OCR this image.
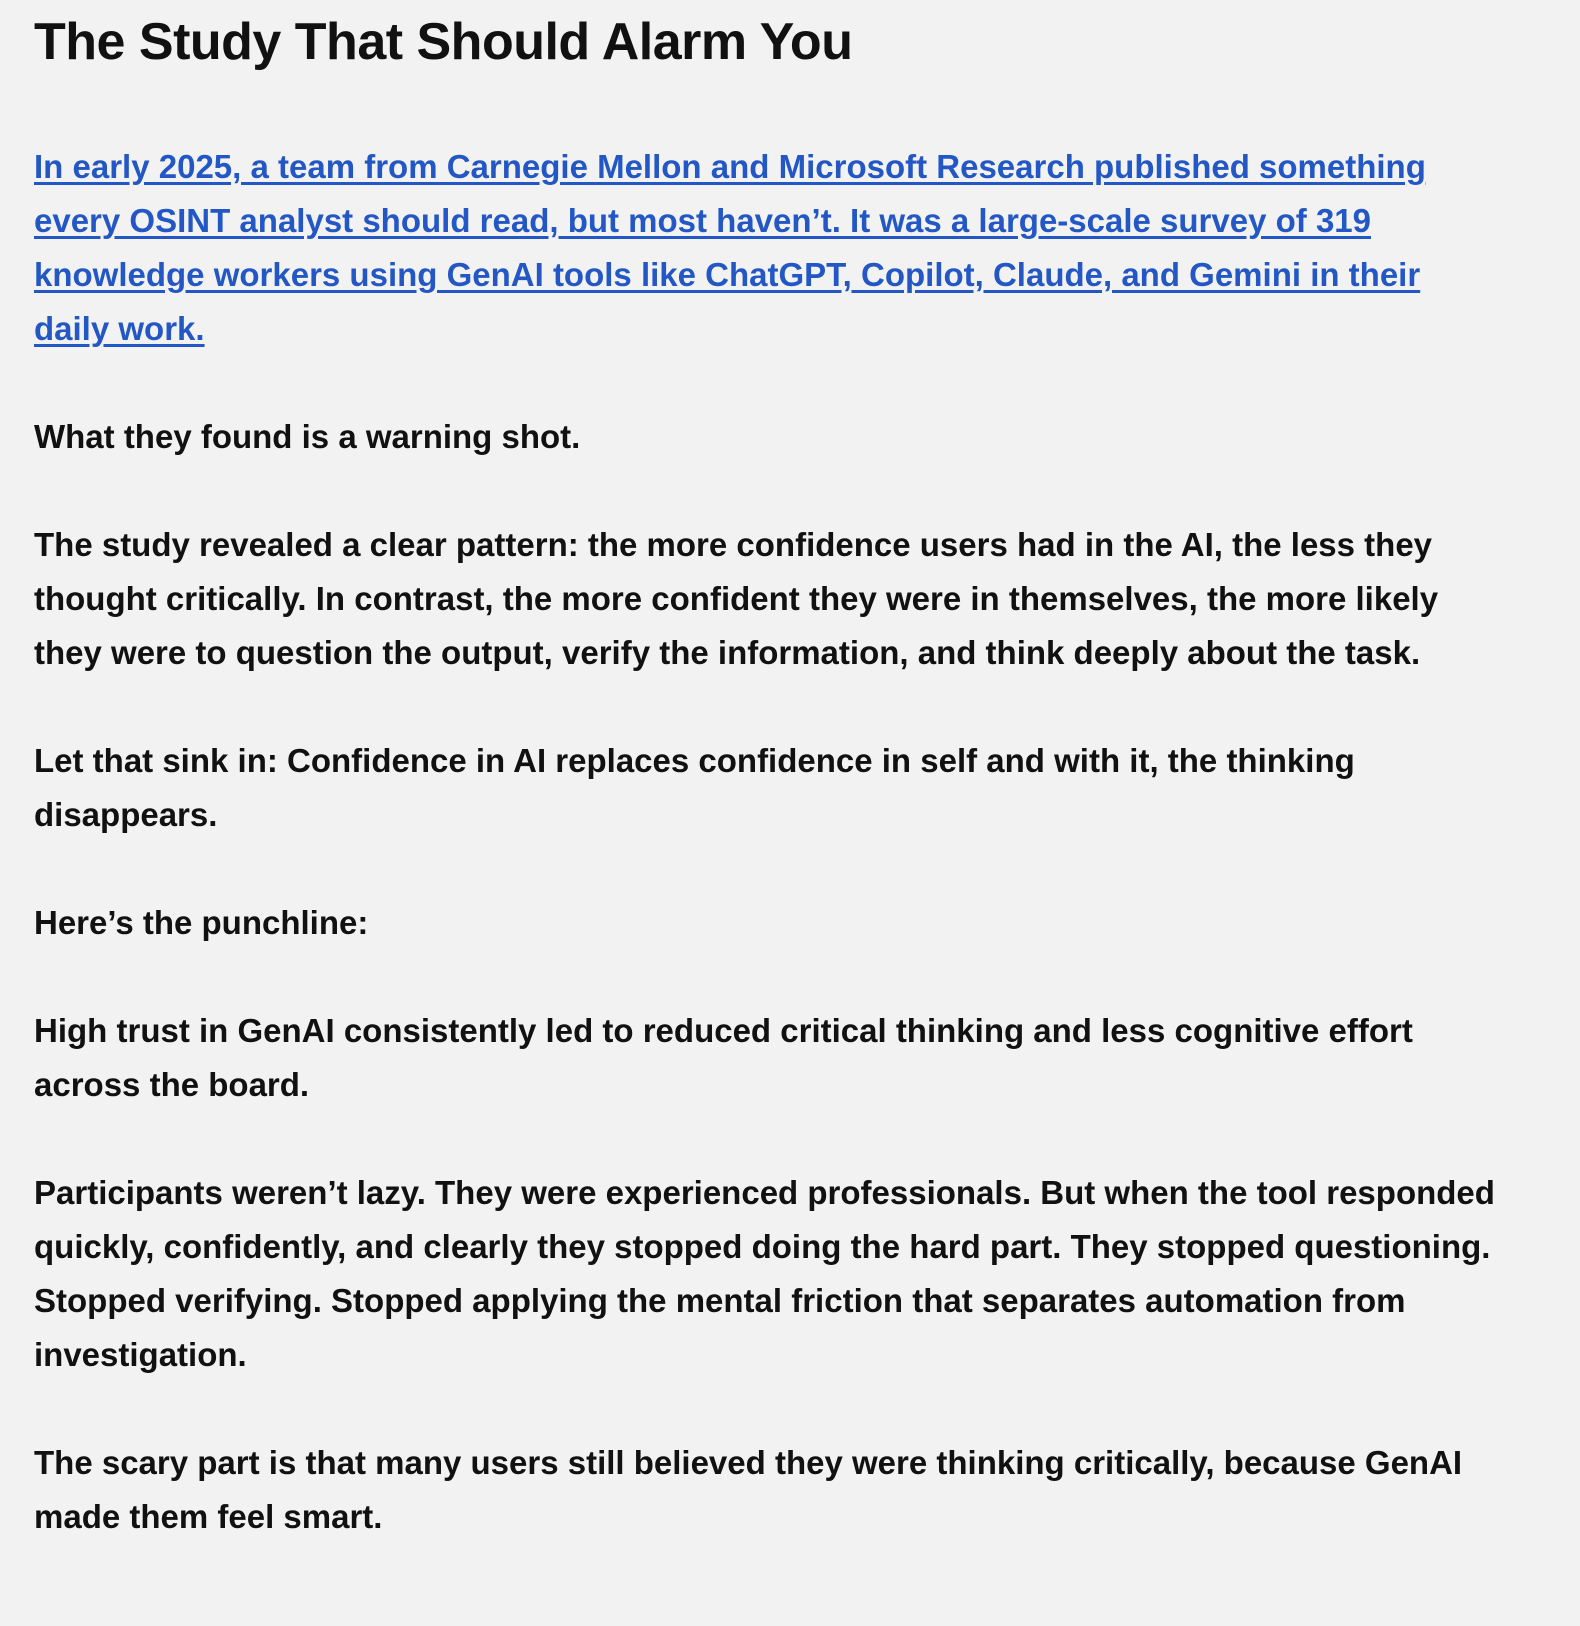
The Study That Should Alarm You

In early 2025, a team from Carnegie Mellon and Microsoft Research published something every OSINT analyst should read, but most haven’t. It was a large-scale survey of 319 knowledge workers using GenAI tools like ChatGPT, Copilot, Claude, and Gemini in their daily work.

What they found is a warning shot.

The study revealed a clear pattern: the more confidence users had in the AI, the less they thought critically. In contrast, the more confident they were in themselves, the more likely they were to question the output, verify the information, and think deeply about the task.

Let that sink in: Confidence in AI replaces confidence in self and with it, the thinking disappears.

Here’s the punchline:

High trust in GenAI consistently led to reduced critical thinking and less cognitive effort across the board.

Participants weren’t lazy. They were experienced professionals. But when the tool responded quickly, confidently, and clearly they stopped doing the hard part. They stopped questioning. Stopped verifying. Stopped applying the mental friction that separates automation from investigation.

The scary part is that many users still believed they were thinking critically, because GenAI made them feel smart.
